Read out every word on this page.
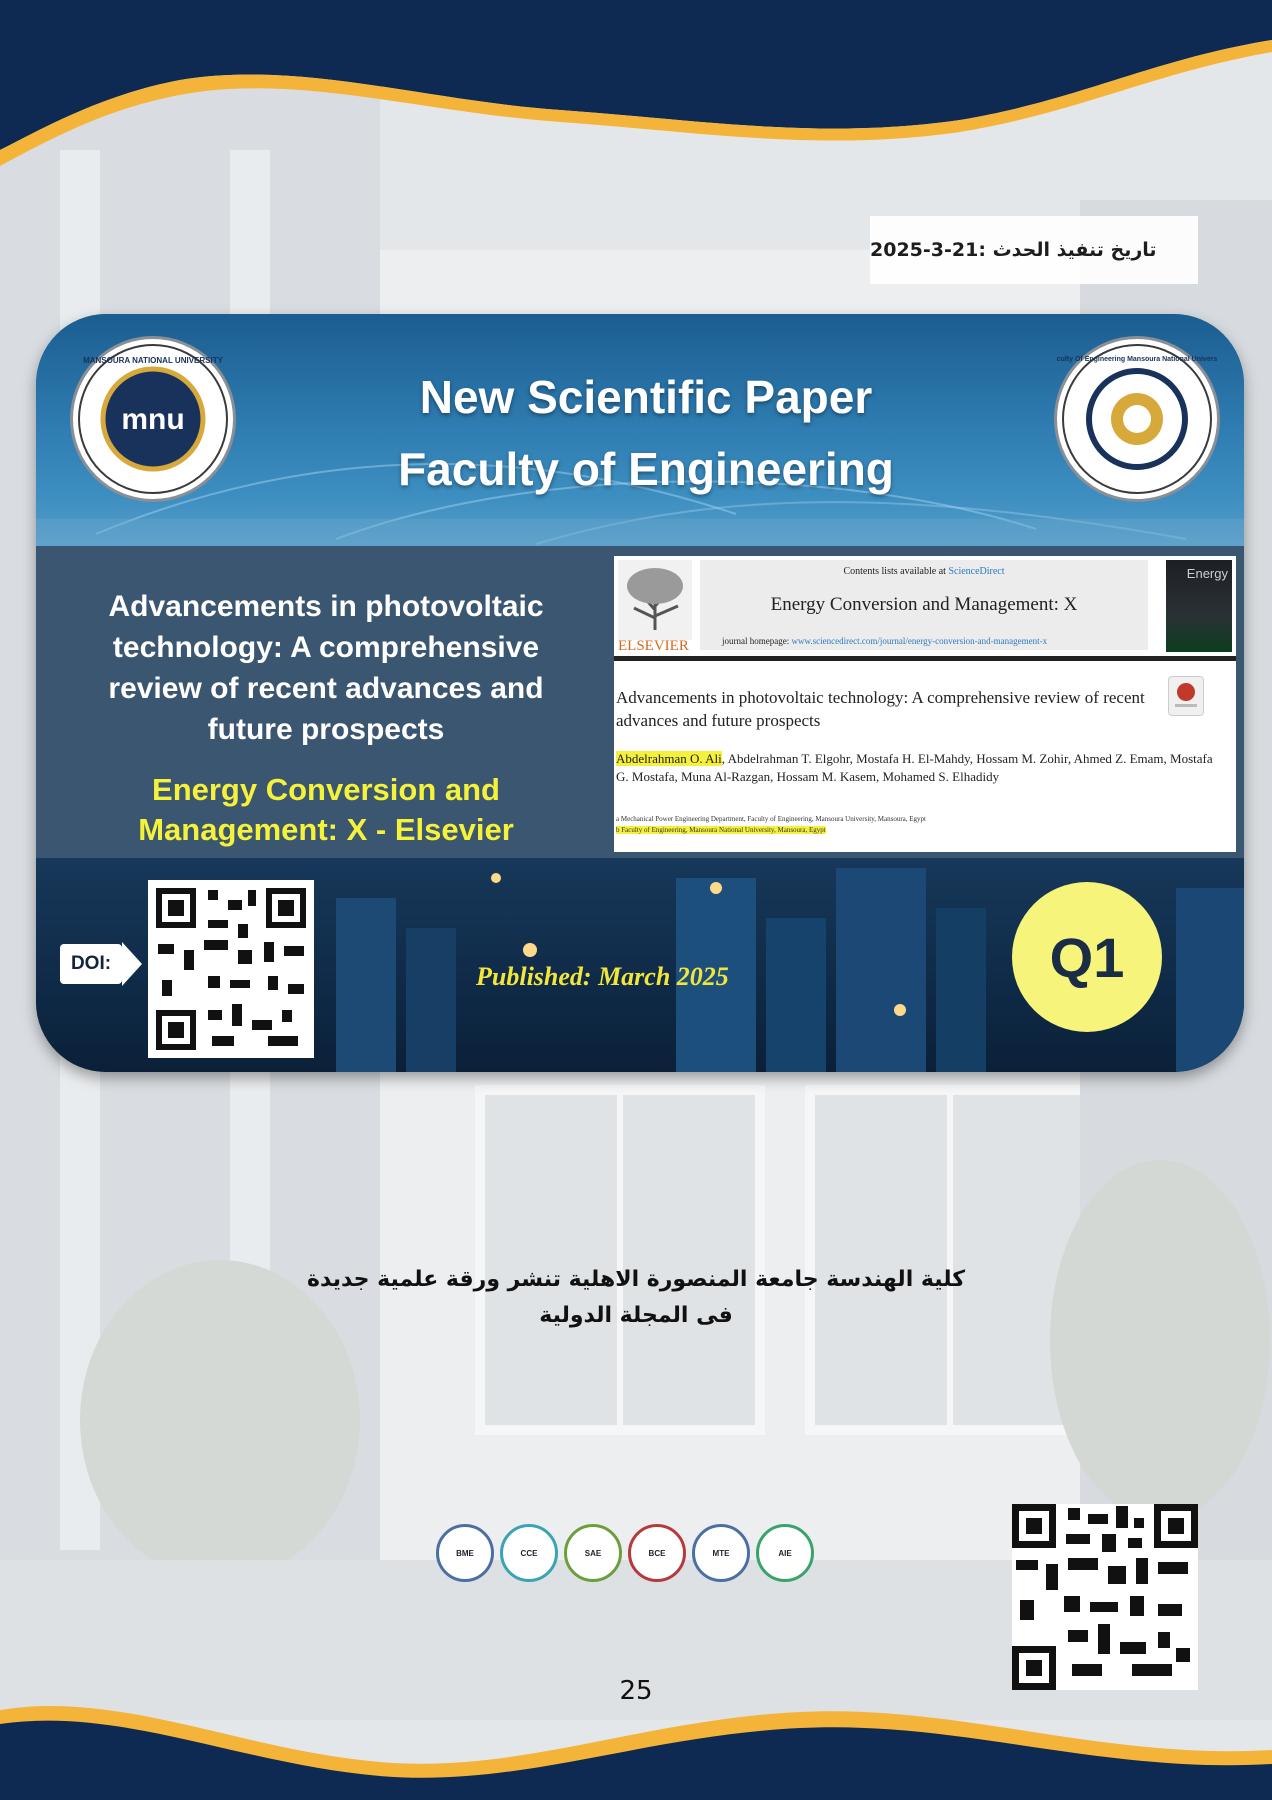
تاريخ تنفيذ الحدث :21-3-2025
mnu
MANSOURA NATIONAL UNIVERSITY	Faculty Of Engineering Mansoura National University
New Scientific Paper
Faculty of Engineering
Advancements in photovoltaic technology: A comprehensive review of recent advances and future prospects
Energy Conversion and Management: X - Elsevier
ELSEVIER
Contents lists available at ScienceDirect
Energy Conversion and Management: X
journal homepage: www.sciencedirect.com/journal/energy-conversion-and-management-x
Energy
Advancements in photovoltaic technology: A comprehensive review of recent advances and future prospects
Abdelrahman O. Ali, Abdelrahman T. Elgohr, Mostafa H. El-Mahdy, Hossam M. Zohir, Ahmed Z. Emam, Mostafa G. Mostafa, Muna Al-Razgan, Hossam M. Kasem, Mohamed S. Elhadidy
a Mechanical Power Engineering Department, Faculty of Engineering, Mansoura University, Mansoura, Egypt
b Faculty of Engineering, Mansoura National University, Mansoura, Egypt
DOI:	Published: March 2025	Q1
كلية الهندسة جامعة المنصورة الاهلية تنشر ورقة علمية جديدة
فى المجلة الدولية
BME	CCE	SAE	BCE	MTE	AIE
25
